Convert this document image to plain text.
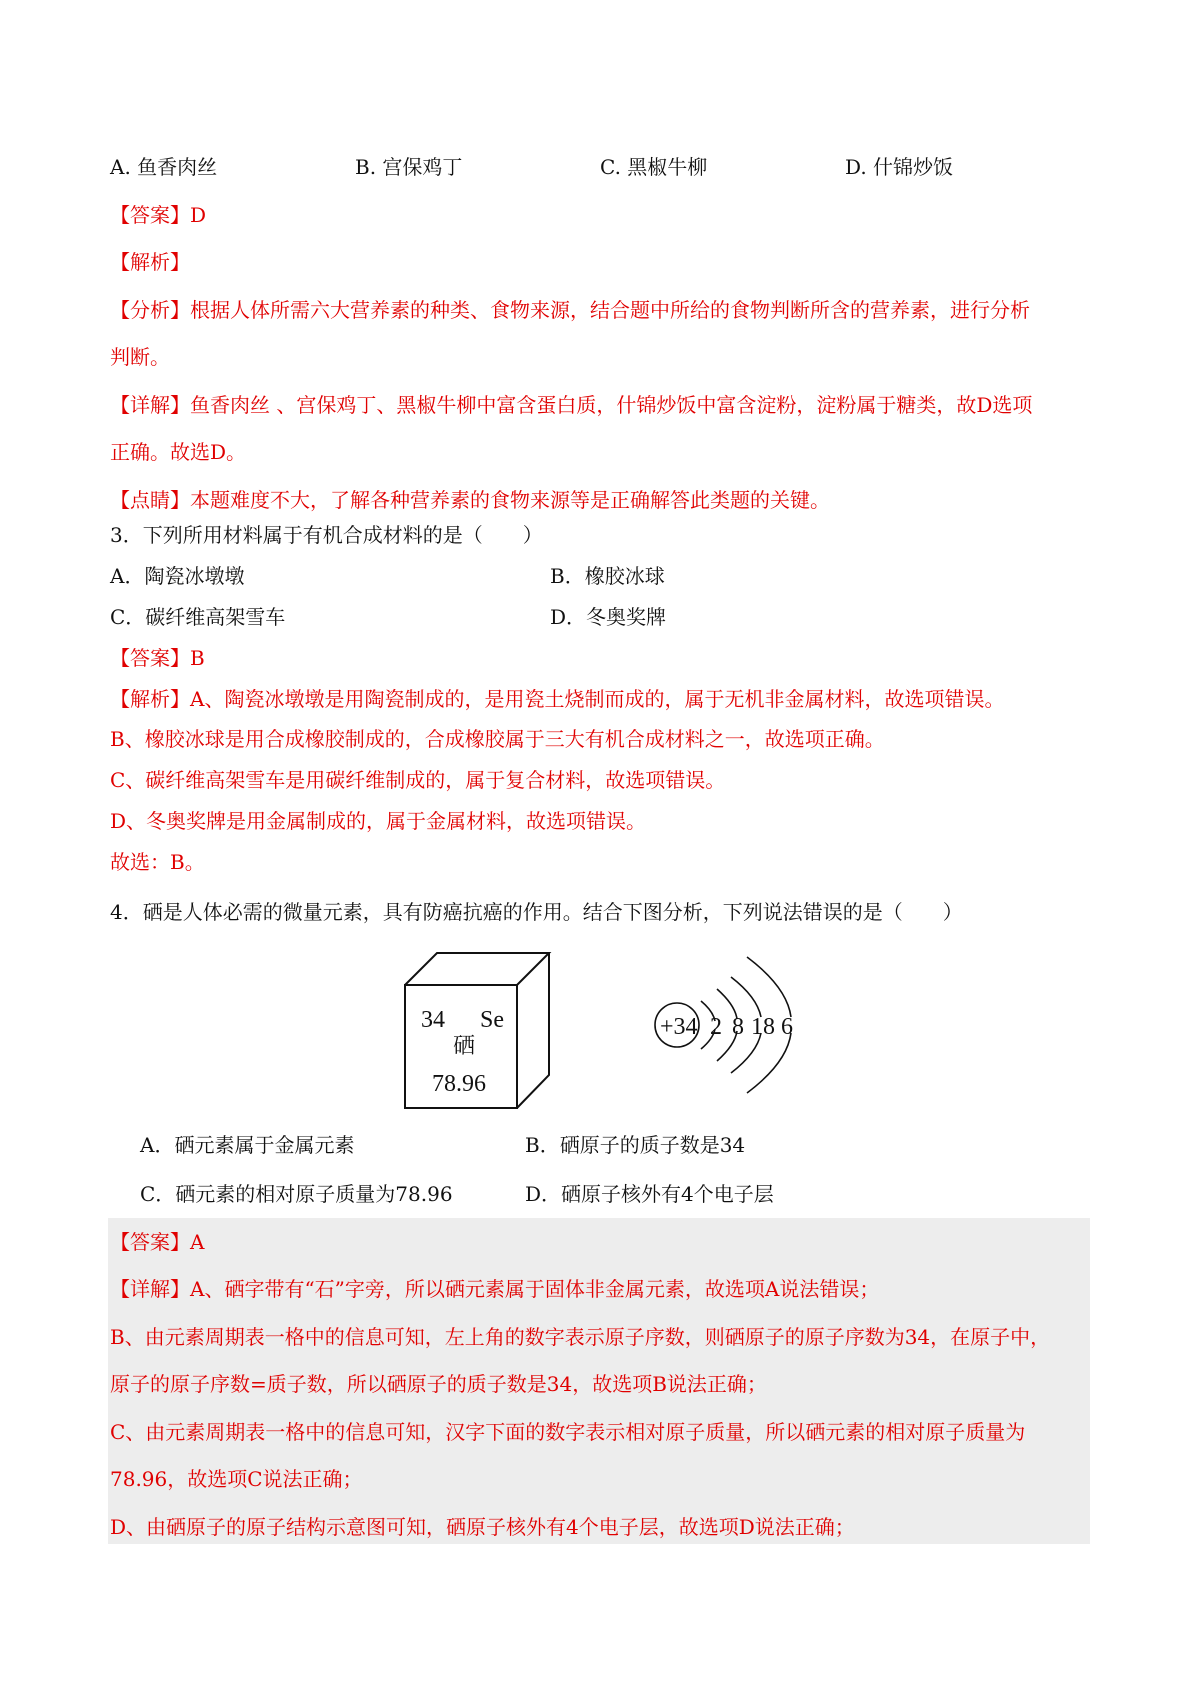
A. 鱼香肉丝	B. 宫保鸡丁	C. 黑椒牛柳	D. 什锦炒饭
【答案】D
【解析】
【分析】根据人体所需六大营养素的种类、食物来源，结合题中所给的食物判断所含的营养素，进行分析
判断。
【详解】鱼香肉丝 、宫保鸡丁、黑椒牛柳中富含蛋白质，什锦炒饭中富含淀粉，淀粉属于糖类，故D选项
正确。故选D。
【点睛】本题难度不大，了解各种营养素的食物来源等是正确解答此类题的关键。
3．下列所用材料属于有机合成材料的是（　　）
A．陶瓷冰墩墩	B．橡胶冰球
C．碳纤维高架雪车	D．冬奥奖牌
【答案】B
【解析】A、陶瓷冰墩墩是用陶瓷制成的，是用瓷土烧制而成的，属于无机非金属材料，故选项错误。
B、橡胶冰球是用合成橡胶制成的，合成橡胶属于三大有机合成材料之一，故选项正确。
C、碳纤维高架雪车是用碳纤维制成的，属于复合材料，故选项错误。
D、冬奥奖牌是用金属制成的，属于金属材料，故选项错误。
故选：B。
4．硒是人体必需的微量元素，具有防癌抗癌的作用。结合下图分析，下列说法错误的是（　　）
34 Se
硒
78.96
+34 2 8 18 6
A．硒元素属于金属元素	B．硒原子的质子数是34
C．硒元素的相对原子质量为78.96	D．硒原子核外有4个电子层
【答案】A
【详解】A、硒字带有“石”字旁，所以硒元素属于固体非金属元素，故选项A说法错误；
B、由元素周期表一格中的信息可知，左上角的数字表示原子序数，则硒原子的原子序数为34，在原子中，
原子的原子序数=质子数，所以硒原子的质子数是34，故选项B说法正确；
C、由元素周期表一格中的信息可知，汉字下面的数字表示相对原子质量，所以硒元素的相对原子质量为
78.96，故选项C说法正确；
D、由硒原子的原子结构示意图可知，硒原子核外有4个电子层，故选项D说法正确；
